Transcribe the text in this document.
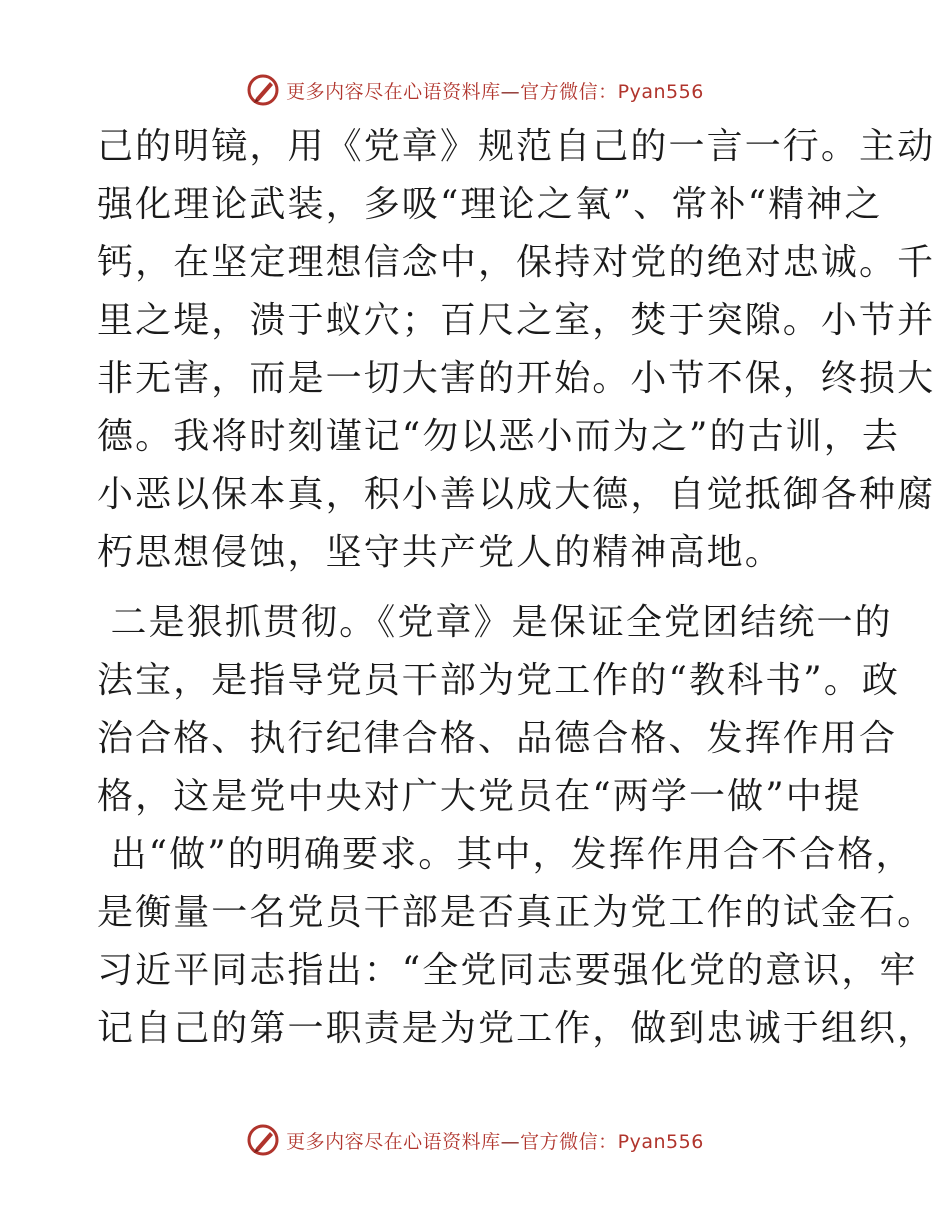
更多内容尽在心语资料库—官方微信：Pyan556
己的明镜，用《党章》规范自己的一言一行。主动
强化理论武装，多吸“理论之氧”、常补“精神之
钙，在坚定理想信念中，保持对党的绝对忠诚。千
里之堤，溃于蚁穴；百尺之室，焚于突隙。小节并
非无害，而是一切大害的开始。小节不保，终损大
德。我将时刻谨记“勿以恶小而为之”的古训，去
小恶以保本真，积小善以成大德，自觉抵御各种腐
朽思想侵蚀，坚守共产党人的精神高地。
二是狠抓贯彻。《党章》是保证全党团结统一的
法宝，是指导党员干部为党工作的“教科书”。政
治合格、执行纪律合格、品德合格、发挥作用合
格，这是党中央对广大党员在“两学一做”中提
出“做”的明确要求。其中，发挥作用合不合格，
是衡量一名党员干部是否真正为党工作的试金石。
习近平同志指出：“全党同志要强化党的意识，牢
记自己的第一职责是为党工作，做到忠诚于组织，
更多内容尽在心语资料库—官方微信：Pyan556
